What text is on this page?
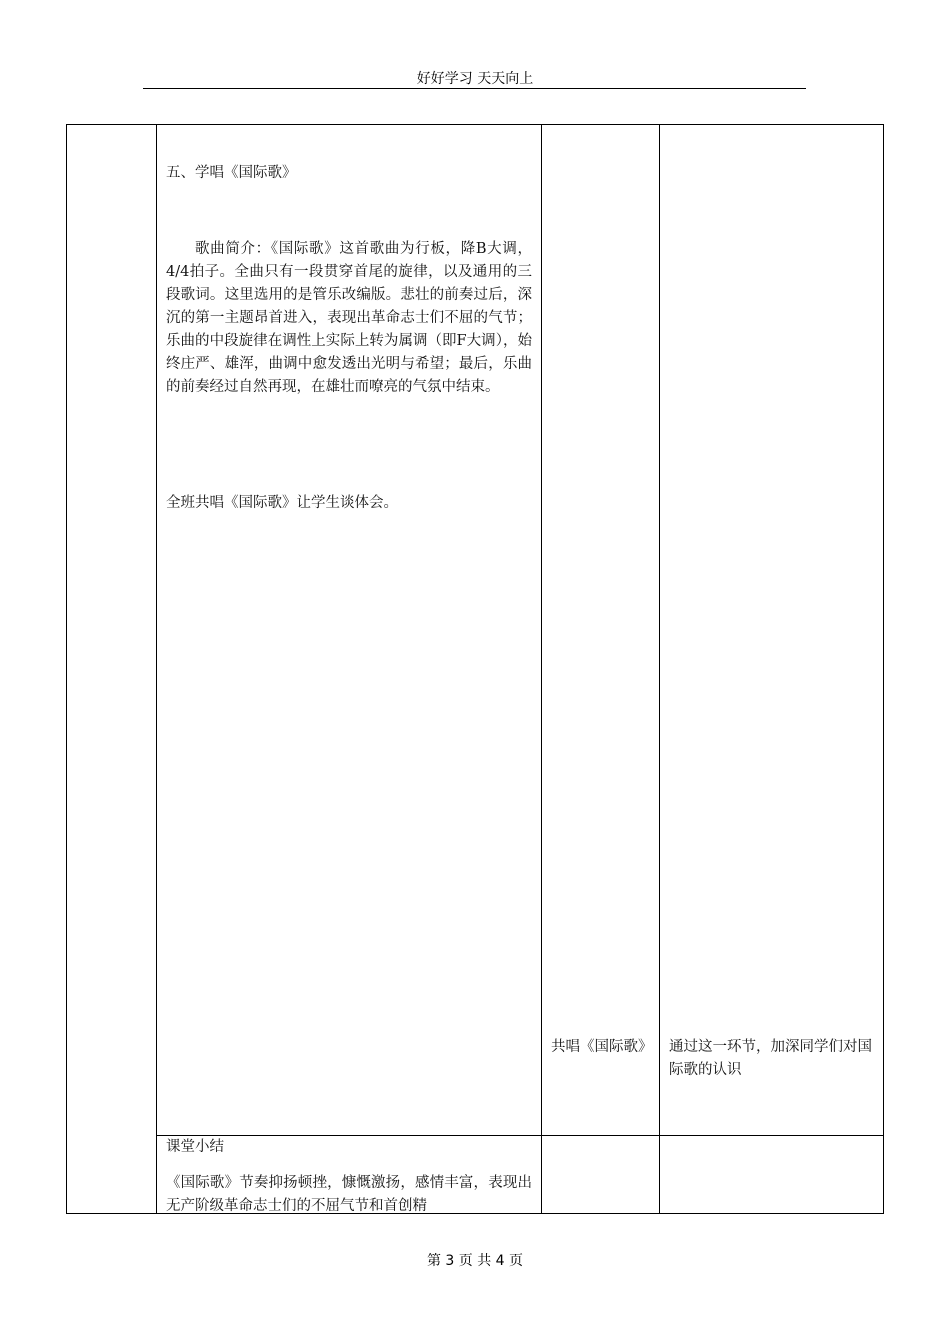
好好学习 天天向上
五、学唱《国际歌》
歌曲简介：《国际歌》这首歌曲为行板，降B大调，4/4拍子。全曲只有一段贯穿首尾的旋律，以及通用的三段歌词。这里选用的是管乐改编版。悲壮的前奏过后，深沉的第一主题昂首进入，表现出革命志士们不屈的气节；乐曲的中段旋律在调性上实际上转为属调（即F大调），始终庄严、雄浑，曲调中愈发透出光明与希望；最后，乐曲的前奏经过自然再现，在雄壮而嘹亮的气氛中结束。
全班共唱《国际歌》让学生谈体会。
共唱《国际歌》 通过这一环节，加深同学们对国际歌的认识
课堂小结
《国际歌》节奏抑扬顿挫，慷慨激扬，感情丰富，表现出无产阶级革命志士们的不屈气节和首创精
第 3 页 共 4 页
